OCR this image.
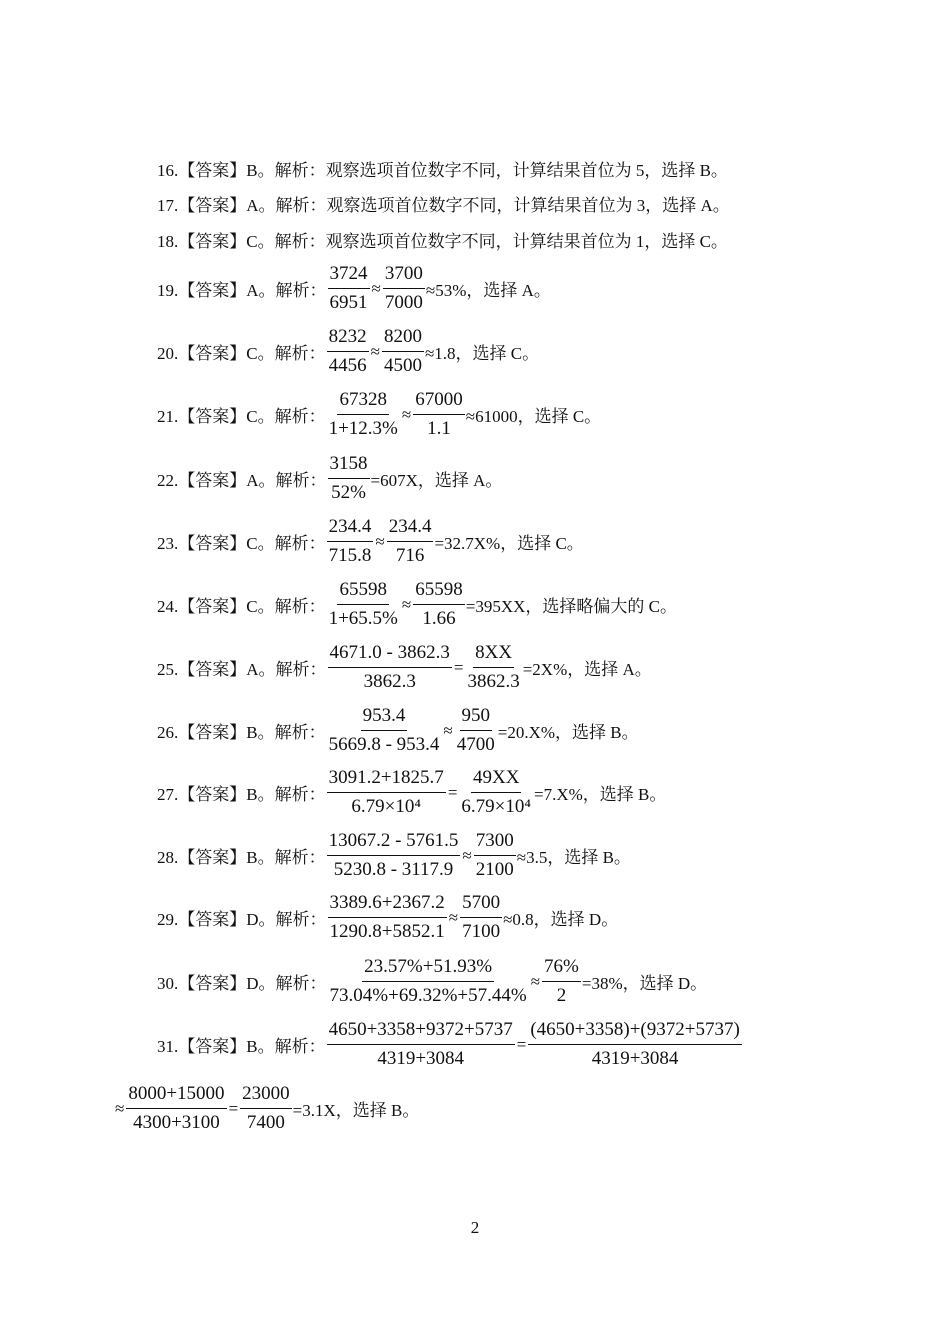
16.【答案】B。解析： 观察选项首位数字不同，计算结果首位为 5，选择 B。
17.【答案】A。解析： 观察选项首位数字不同，计算结果首位为 3，选择 A。
18.【答案】C。解析： 观察选项首位数字不同，计算结果首位为 1，选择 C。
19.【答案】A。解析： $\frac{3724}{6951} \approx \frac{3700}{7000} \approx 53\%$，选择 A。
20.【答案】C。解析： $\frac{8232}{4456} \approx \frac{8200}{4500} \approx 1.8$，选择 C。
21.【答案】C。解析： $\frac{67328}{1+12.3\%} \approx \frac{67000}{1.1} \approx 61000$，选择 C。
22.【答案】A。解析： $\frac{3158}{52\%} =607X$，选择 A。
23.【答案】C。解析： $\frac{234.4}{715.8} \approx \frac{234.4}{716} =32.7X\%$，选择 C。
24.【答案】C。解析： $\frac{65598}{1+65.5\%} \approx \frac{65598}{1.66} =395XX$，选择略偏大的 C。
25.【答案】A。解析： $\frac{4671.0 - 3862.3}{3862.3} = \frac{8XX}{3862.3} =2X\%$，选择 A。
26.【答案】B。解析： $\frac{953.4}{5669.8 - 953.4} \approx \frac{950}{4700} =20.X\%$，选择 B。
27.【答案】B。解析： $\frac{3091.2+1825.7}{\text{6.79×10⁴}} = \frac{49XX}{\text{6.79×10⁴}} =7.X\%$，选择 B。
28.【答案】B。解析： $\frac{13067.2 - 5761.5}{5230.8 - 3117.9} \approx \frac{7300}{2100} \approx 3.5$，选择 B。
29.【答案】D。解析： $\frac{3389.6+2367.2}{1290.8+5852.1} \approx \frac{5700}{7100} \approx 0.8$，选择 D。
30.【答案】D。解析： $\frac{23.57\%+51.93\%}{73.04\%+69.32\%+57.44\%} \approx \frac{76\%}{2} =38\%$，选择 D。
31.【答案】B。解析： $\frac{4650+3358+9372+5737}{4319+3084} = \frac{(4650+3358)+(9372+5737)}{4319+3084}$
≈ $\frac{8000+15000}{4300+3100} = \frac{23000}{7400} =3.1X$，选择 B。
2
